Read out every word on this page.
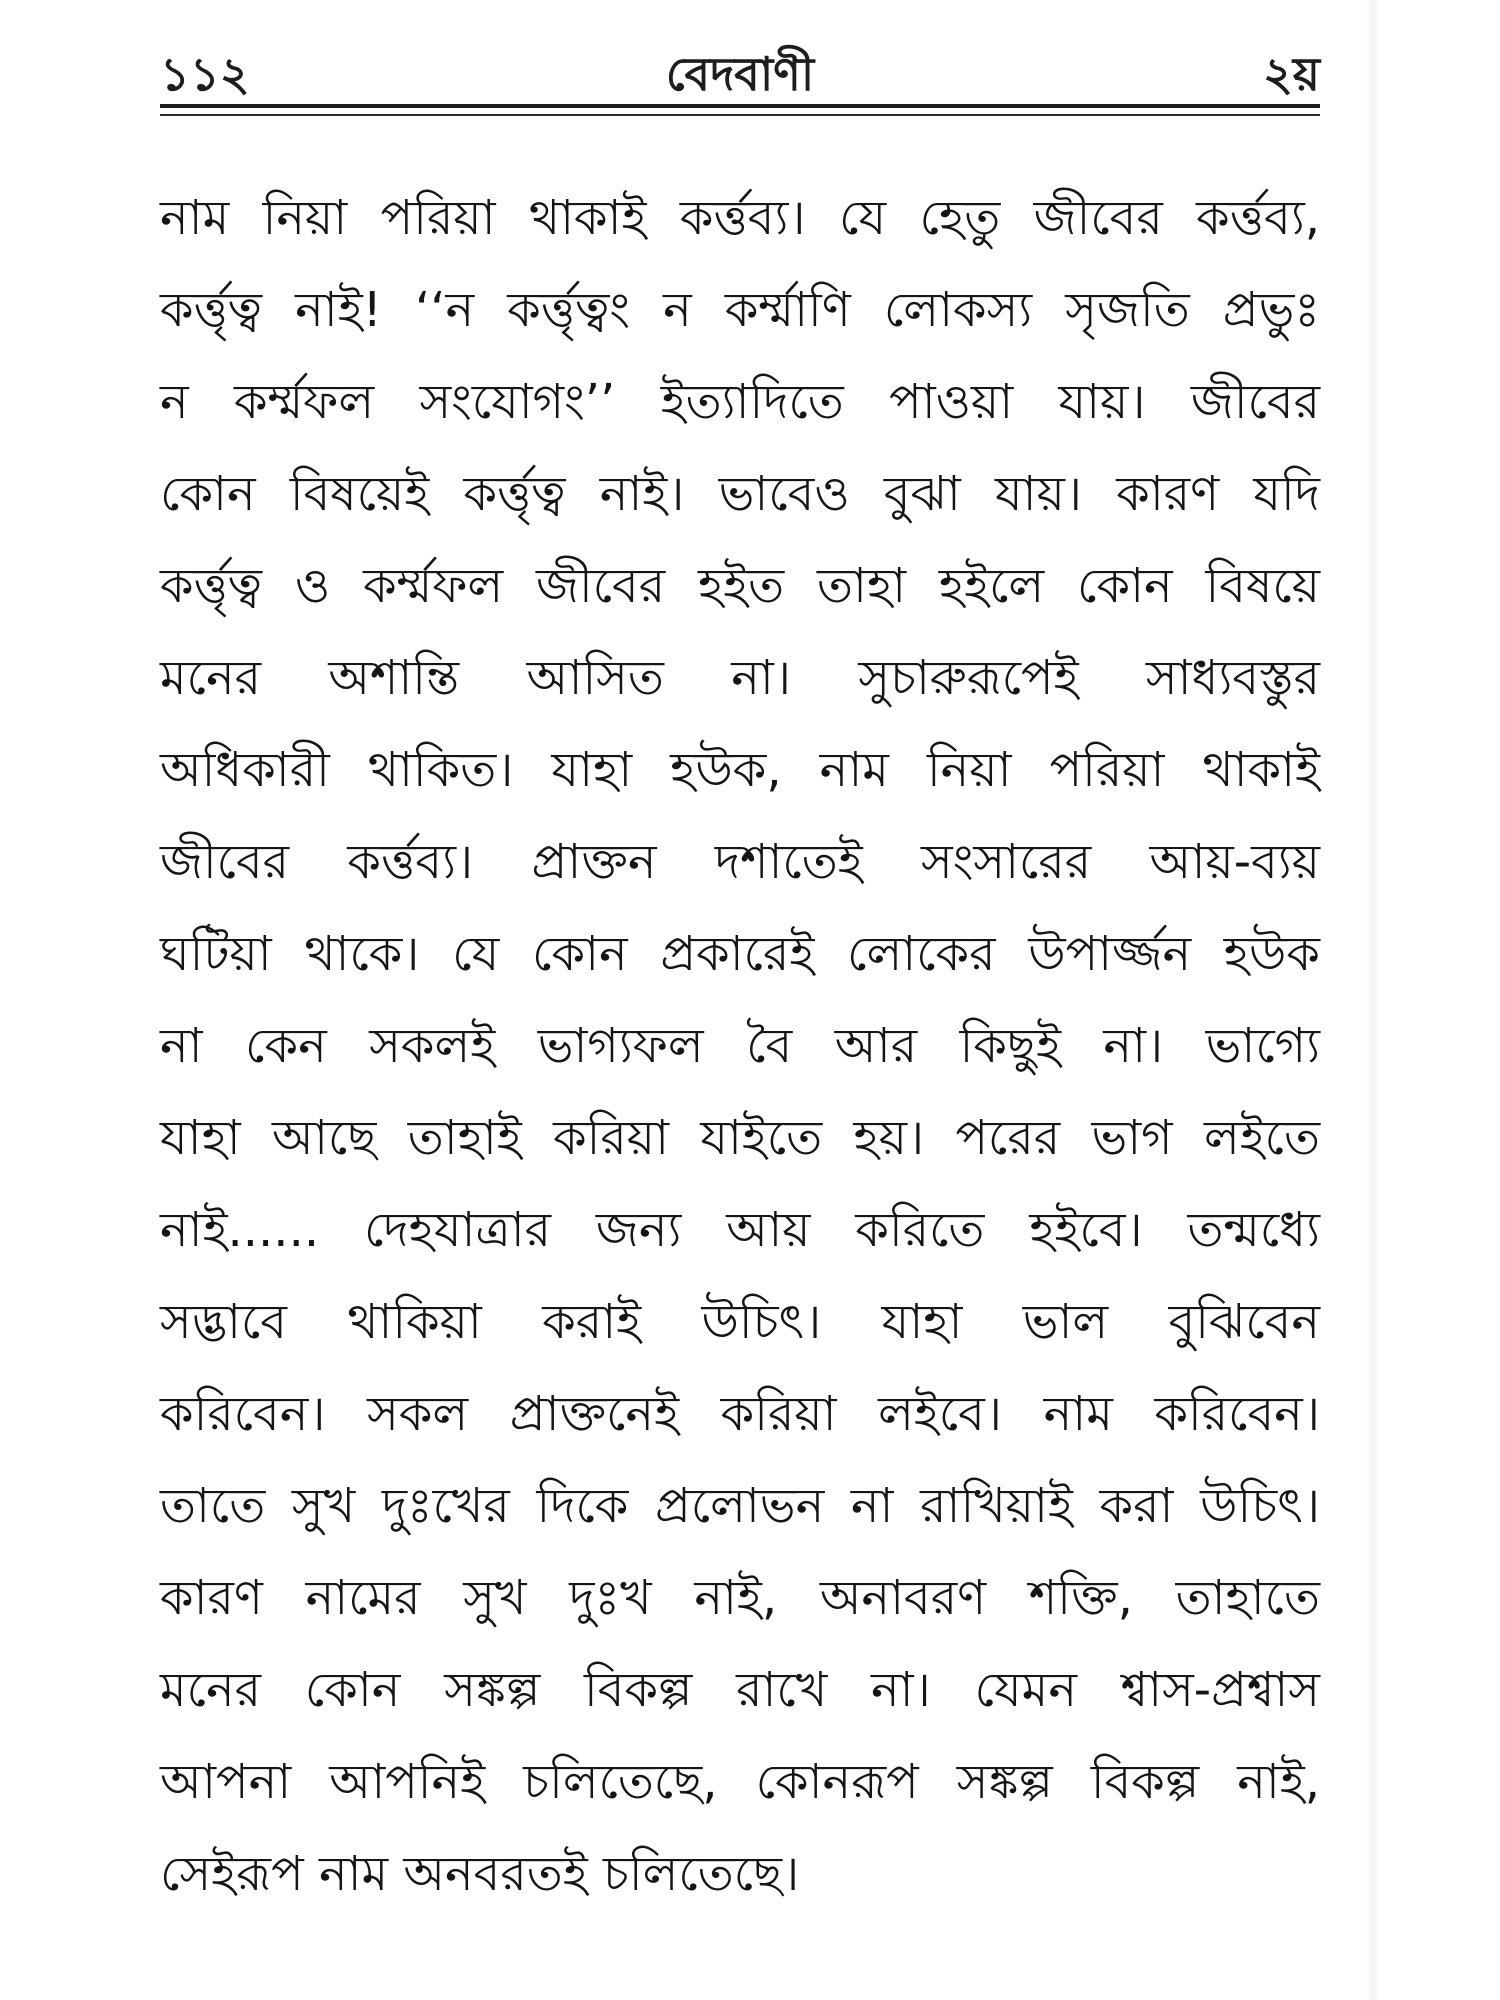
১১২	বেদবাণী	২য়
নাম নিয়া পরিয়া থাকাই কর্ত্তব্য। যে হেতু জীবের কর্ত্তব্য,
কর্ত্তৃত্ব নাই! ‘‘ন কর্ত্তৃত্বং ন কর্ম্মাণি লোকস্য সৃজতি প্রভুঃ
ন কর্ম্মফল সংযোগং’’ ইত্যাদিতে পাওয়া যায়। জীবের
কোন বিষয়েই কর্ত্তৃত্ব নাই। ভাবেও বুঝা যায়। কারণ যদি
কর্ত্তৃত্ব ও কর্ম্মফল জীবের হইত তাহা হইলে কোন বিষয়ে
মনের অশান্তি আসিত না। সুচারুরূপেই সাধ্যবস্তুর
অধিকারী থাকিত। যাহা হউক, নাম নিয়া পরিয়া থাকাই
জীবের কর্ত্তব্য। প্রাক্তন দশাতেই সংসারের আয়-ব্যয়
ঘটিয়া থাকে। যে কোন প্রকারেই লোকের উপার্জ্জন হউক
না কেন সকলই ভাগ্যফল বৈ আর কিছুই না। ভাগ্যে
যাহা আছে তাহাই করিয়া যাইতে হয়। পরের ভাগ লইতে
নাই...... দেহযাত্রার জন্য আয় করিতে হইবে। তন্মধ্যে
সদ্ভাবে থাকিয়া করাই উচিৎ। যাহা ভাল বুঝিবেন
করিবেন। সকল প্রাক্তনেই করিয়া লইবে। নাম করিবেন।
তাতে সুখ দুঃখের দিকে প্রলোভন না রাখিয়াই করা উচিৎ।
কারণ নামের সুখ দুঃখ নাই, অনাবরণ শক্তি, তাহাতে
মনের কোন সঙ্কল্প বিকল্প রাখে না। যেমন শ্বাস-প্রশ্বাস
আপনা আপনিই চলিতেছে, কোনরূপ সঙ্কল্প বিকল্প নাই,
সেইরূপ নাম অনবরতই চলিতেছে।
